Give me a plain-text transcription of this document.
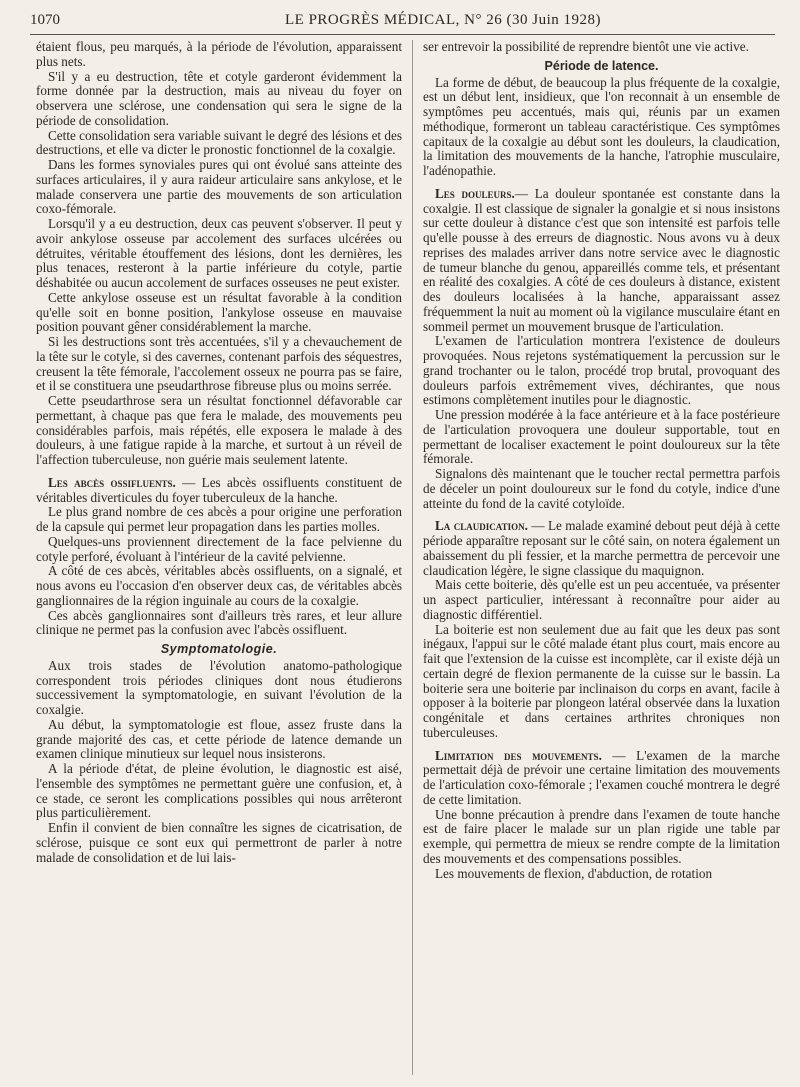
1070	LE PROGRÈS MÉDICAL, N° 26 (30 Juin 1928)

étaient flous, peu marqués, à la période de l'évolution, apparaissent plus nets.

S'il y a eu destruction, tête et cotyle garderont évidemment la forme donnée par la destruction, mais au niveau du foyer on observera une sclérose, une condensation qui sera le signe de la période de consolidation.

Cette consolidation sera variable suivant le degré des lésions et des destructions, et elle va dicter le pronostic fonctionnel de la coxalgie.

Dans les formes synoviales pures qui ont évolué sans atteinte des surfaces articulaires, il y aura raideur articulaire sans ankylose, et le malade conservera une partie des mouvements de son articulation coxo-fémorale.

Lorsqu'il y a eu destruction, deux cas peuvent s'observer. Il peut y avoir ankylose osseuse par accolement des surfaces ulcérées ou détruites, véritable étouffement des lésions, dont les dernières, les plus tenaces, resteront à la partie inférieure du cotyle, partie déshabitée ou aucun accolement de surfaces osseuses ne peut exister.

Cette ankylose osseuse est un résultat favorable à la condition qu'elle soit en bonne position, l'ankylose osseuse en mauvaise position pouvant gêner considérablement la marche.

Si les destructions sont très accentuées, s'il y a chevauchement de la tête sur le cotyle, si des cavernes, contenant parfois des séquestres, creusent la tête fémorale, l'accolement osseux ne pourra pas se faire, et il se constituera une pseudarthrose fibreuse plus ou moins serrée.

Cette pseudarthrose sera un résultat fonctionnel défavorable car permettant, à chaque pas que fera le malade, des mouvements peu considérables parfois, mais répétés, elle exposera le malade à des douleurs, à une fatigue rapide à la marche, et surtout à un réveil de l'affection tuberculeuse, non guérie mais seulement latente.

Les abcès ossifluents. — Les abcès ossifluents constituent de véritables diverticules du foyer tuberculeux de la hanche.

Le plus grand nombre de ces abcès a pour origine une perforation de la capsule qui permet leur propagation dans les parties molles.

Quelques-uns proviennent directement de la face pelvienne du cotyle perforé, évoluant à l'intérieur de la cavité pelvienne.

A côté de ces abcès, véritables abcès ossifluents, on a signalé, et nous avons eu l'occasion d'en observer deux cas, de véritables abcès ganglionnaires de la région inguinale au cours de la coxalgie.

Ces abcès ganglionnaires sont d'ailleurs très rares, et leur allure clinique ne permet pas la confusion avec l'abcès ossifluent.

Symptomatologie.

Aux trois stades de l'évolution anatomo-pathologique correspondent trois périodes cliniques dont nous étudierons successivement la symptomatologie, en suivant l'évolution de la coxalgie.

Au début, la symptomatologie est floue, assez fruste dans la grande majorité des cas, et cette période de latence demande un examen clinique minutieux sur lequel nous insisterons.

A la période d'état, de pleine évolution, le diagnostic est aisé, l'ensemble des symptômes ne permettant guère une confusion, et, à ce stade, ce seront les complications possibles qui nous arrêteront plus particulièrement.

Enfin il convient de bien connaître les signes de cicatrisation, de sclérose, puisque ce sont eux qui permettront de parler à notre malade de consolidation et de lui lais-

ser entrevoir la possibilité de reprendre bientôt une vie active.

Période de latence.

La forme de début, de beaucoup la plus fréquente de la coxalgie, est un début lent, insidieux, que l'on reconnait à un ensemble de symptômes peu accentués, mais qui, réunis par un examen méthodique, formeront un tableau caractéristique. Ces symptômes capitaux de la coxalgie au début sont les douleurs, la claudication, la limitation des mouvements de la hanche, l'atrophie musculaire, l'adénopathie.

Les douleurs.— La douleur spontanée est constante dans la coxalgie. Il est classique de signaler la gonalgie et si nous insistons sur cette douleur à distance c'est que son intensité est parfois telle qu'elle pousse à des erreurs de diagnostic. Nous avons vu à deux reprises des malades arriver dans notre service avec le diagnostic de tumeur blanche du genou, appareillés comme tels, et présentant en réalité des coxalgies. A côté de ces douleurs à distance, existent des douleurs localisées à la hanche, apparaissant assez fréquemment la nuit au moment où la vigilance musculaire étant en sommeil permet un mouvement brusque de l'articulation.

L'examen de l'articulation montrera l'existence de douleurs provoquées. Nous rejetons systématiquement la percussion sur le grand trochanter ou le talon, procédé trop brutal, provoquant des douleurs parfois extrêmement vives, déchirantes, que nous estimons complètement inutiles pour le diagnostic.

Une pression modérée à la face antérieure et à la face postérieure de l'articulation provoquera une douleur supportable, tout en permettant de localiser exactement le point douloureux sur la tête fémorale.

Signalons dès maintenant que le toucher rectal permettra parfois de déceler un point douloureux sur le fond du cotyle, indice d'une atteinte du fond de la cavité cotyloïde.

La claudication. — Le malade examiné debout peut déjà à cette période apparaître reposant sur le côté sain, on notera également un abaissement du pli fessier, et la marche permettra de percevoir une claudication légère, le signe classique du maquignon.

Mais cette boiterie, dès qu'elle est un peu accentuée, va présenter un aspect particulier, intéressant à reconnaître pour aider au diagnostic différentiel.

La boiterie est non seulement due au fait que les deux pas sont inégaux, l'appui sur le côté malade étant plus court, mais encore au fait que l'extension de la cuisse est incomplète, car il existe déjà un certain degré de flexion permanente de la cuisse sur le bassin. La boiterie sera une boiterie par inclinaison du corps en avant, facile à opposer à la boiterie par plongeon latéral observée dans la luxation congénitale et dans certaines arthrites chroniques non tuberculeuses.

Limitation des mouvements. — L'examen de la marche permettait déjà de prévoir une certaine limitation des mouvements de l'articulation coxo-fémorale ; l'examen couché montrera le degré de cette limitation.

Une bonne précaution à prendre dans l'examen de toute hanche est de faire placer le malade sur un plan rigide une table par exemple, qui permettra de mieux se rendre compte de la limitation des mouvements et des compensations possibles.

Les mouvements de flexion, d'abduction, de rotation
